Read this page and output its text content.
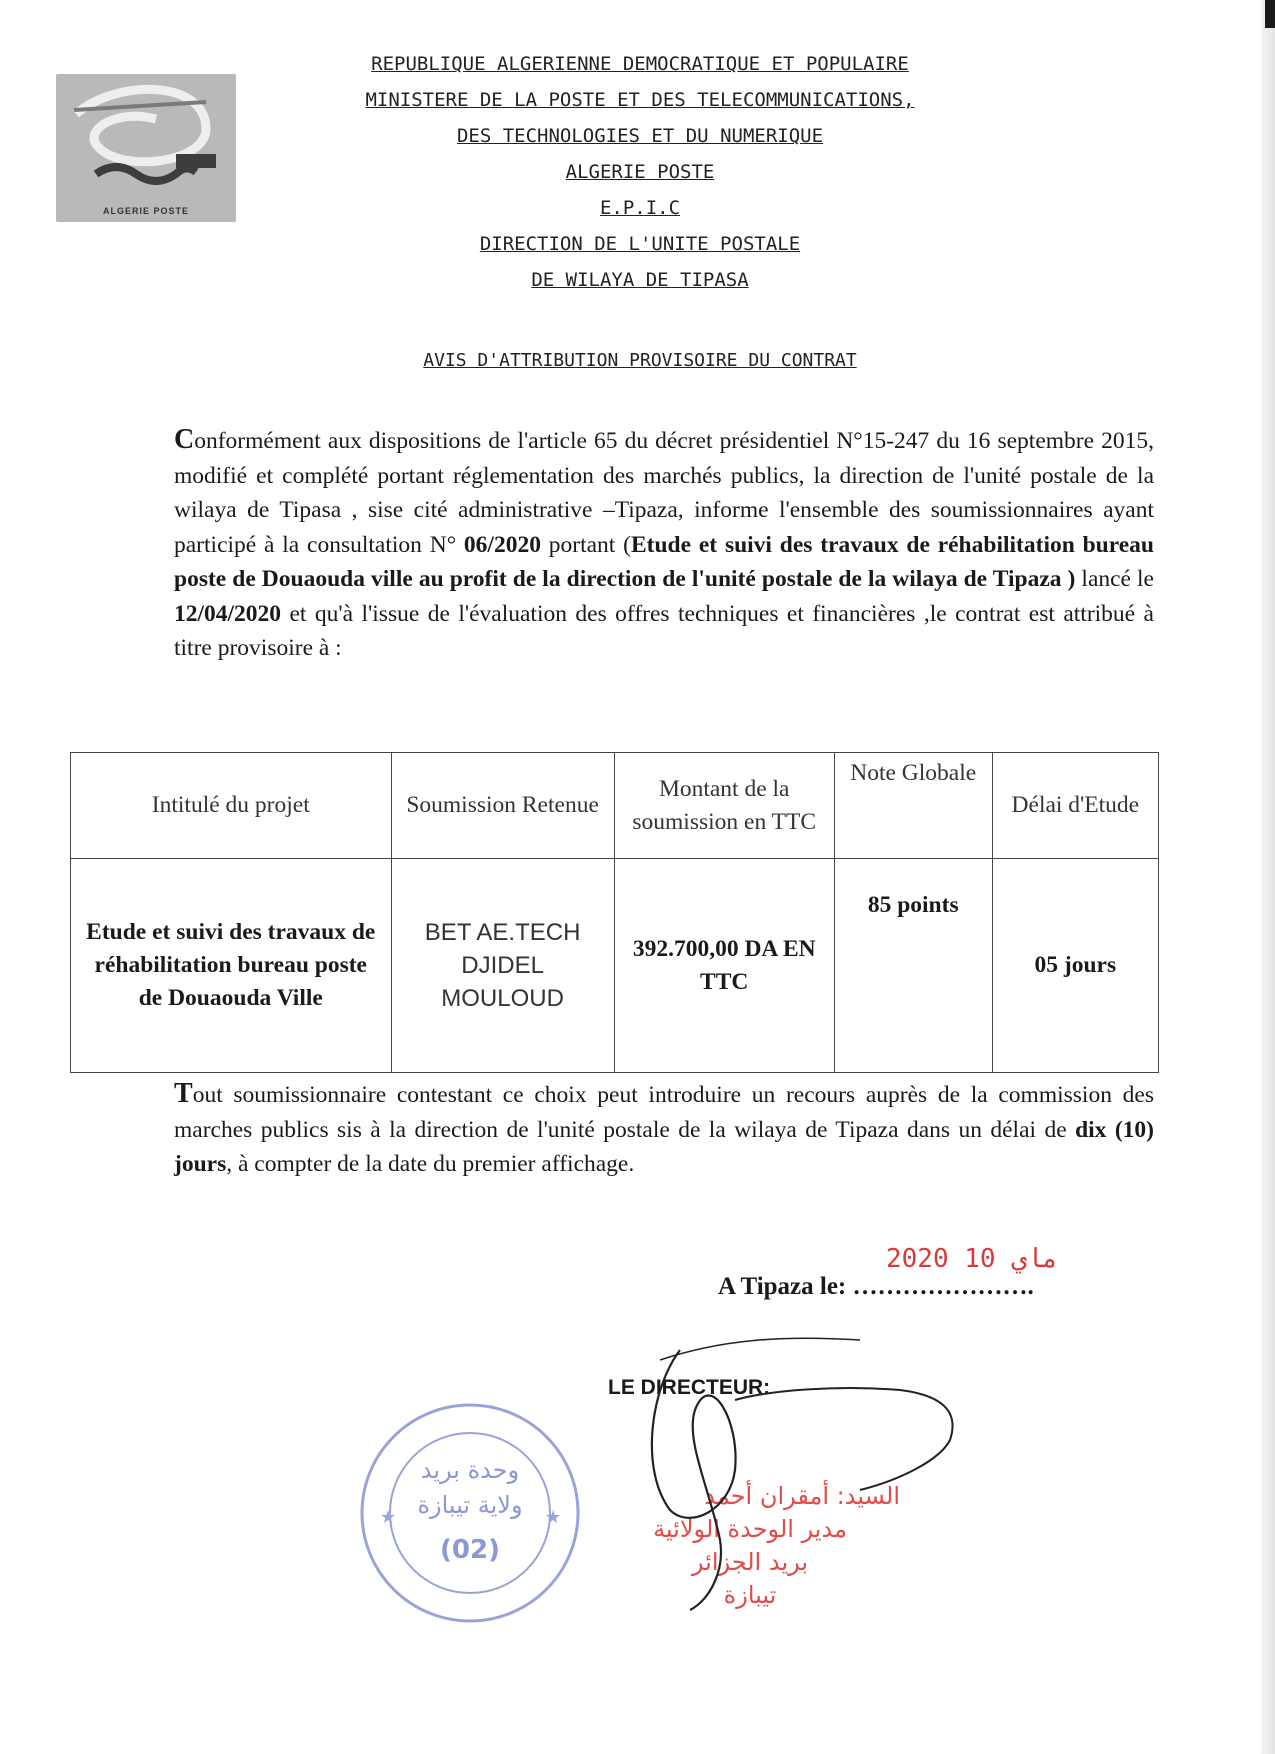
ALGERIE POSTE
REPUBLIQUE ALGERIENNE DEMOCRATIQUE ET POPULAIRE
MINISTERE DE LA POSTE ET DES TELECOMMUNICATIONS,
DES TECHNOLOGIES ET DU NUMERIQUE
ALGERIE POSTE
E.P.I.C
DIRECTION DE L'UNITE POSTALE
DE WILAYA DE TIPASA
AVIS D'ATTRIBUTION PROVISOIRE DU CONTRAT
Conformément aux dispositions de l'article 65 du décret présidentiel N°15-247 du 16 septembre 2015, modifié et complété portant réglementation des marchés publics, la direction de l'unité postale de la wilaya de Tipasa , sise cité administrative –Tipaza, informe l'ensemble des soumissionnaires ayant participé à la consultation N° 06/2020 portant (Etude et suivi des travaux de réhabilitation bureau poste de Douaouda ville au profit de la direction de l'unité postale de la wilaya de Tipaza ) lancé le 12/04/2020 et qu'à l'issue de l'évaluation des offres techniques et financières ,le contrat est attribué à titre provisoire à :
Intitulé du projet	Soumission Retenue	Montant de la soumission en TTC	Note Globale	Délai d'Etude
Etude et suivi des travaux de réhabilitation bureau poste de Douaouda Ville	BET AE.TECH DJIDEL MOULOUD	392.700,00 DA EN TTC	85 points	05 jours
Tout soumissionnaire contestant ce choix peut introduire un recours auprès de la commission des marches publics sis à la direction de l'unité postale de la wilaya de Tipaza dans un délai de dix (10) jours, à compter de la date du premier affichage.
2020 ماي 10
A Tipaza le: ………………….
LE DIRECTEUR:
وحدة بريد
ولاية تيبازة
(02)
★	★
السيد: أمقران أحمد
مدير الوحدة الولائية
بريد الجزائر
تيبازة
